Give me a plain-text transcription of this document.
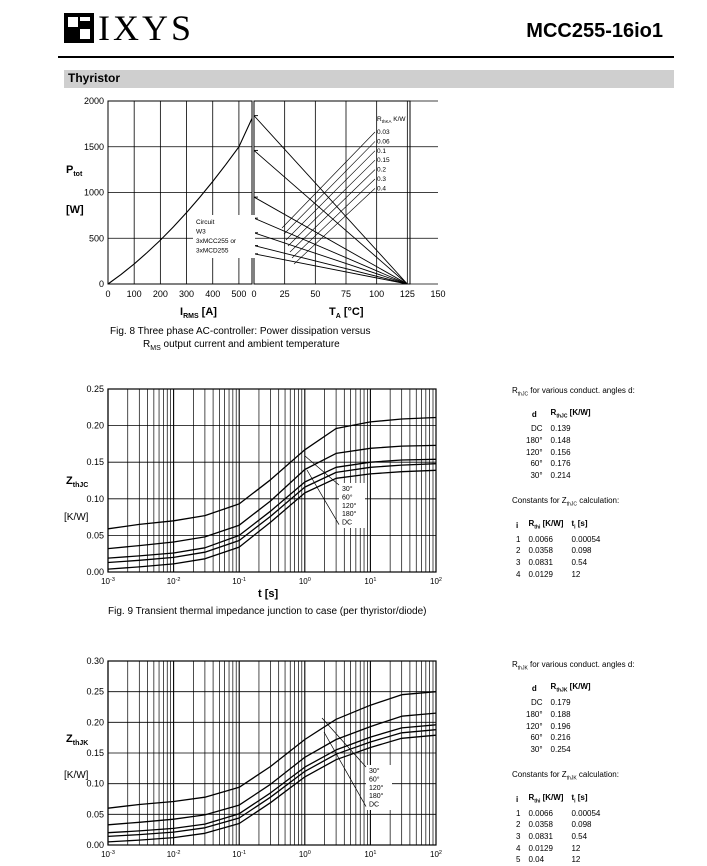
IXYS	MCC255-16io1
Thyristor
$P_{tot}$
[W]
0
500
1000
1500
2000
0 100 200 300 400 500 0	25 50 75 100 125 150
$I_{RMS}$ [A]	$T_A$ [°C]
$R_{thKA}$ K/W
0.03
0.06
0.1
0.15
0.2
0.3
0.4
Circuit
W3
3xMCC255 or
3xMCD255
Fig. 8 Three phase AC-controller: Power dissipation versus
$R_{MS}$ output current and ambient temperature
$Z_{thJC}$
[K/W]
0.00
0.05
0.10
0.15
0.20
0.25
$10^{-3}$	$10^{-2}$	$10^{-1}$	$10^0$	$10^1$	$10^2$
30°
60°
120°
180°
DC
t [s]
Fig. 9 Transient thermal impedance junction to case (per thyristor/diode)
$Z_{thJK}$
[K/W]
0.00
0.05
0.10
0.15
0.20
0.25
0.30
$10^{-3}$	$10^{-2}$	$10^{-1}$	$10^0$	$10^1$	$10^2$
30°
60°
120°
180°
DC
$R_{thJC}$ for various conduct. angles d:
d	$R_{thJC}$ [K/W]
DC	0.139
180°	0.148
120°	0.156
60°	0.176
30°	0.214
Constants for $Z_{thJC}$ calculation:
i	$R_{thi}$ [K/W]	$t_i$ [s]
1	0.0066	0.00054
2	0.0358	0.098
3	0.0831	0.54
4	0.0129	12
$R_{thJK}$ for various conduct. angles d:
d	$R_{thJK}$ [K/W]
DC	0.179
180°	0.188
120°	0.196
60°	0.216
30°	0.254
Constants for $Z_{thJK}$ calculation:
i	$R_{thi}$ [K/W]	$t_i$ [s]
1	0.0066	0.00054
2	0.0358	0.098
3	0.0831	0.54
4	0.0129	12
5	0.04	12
